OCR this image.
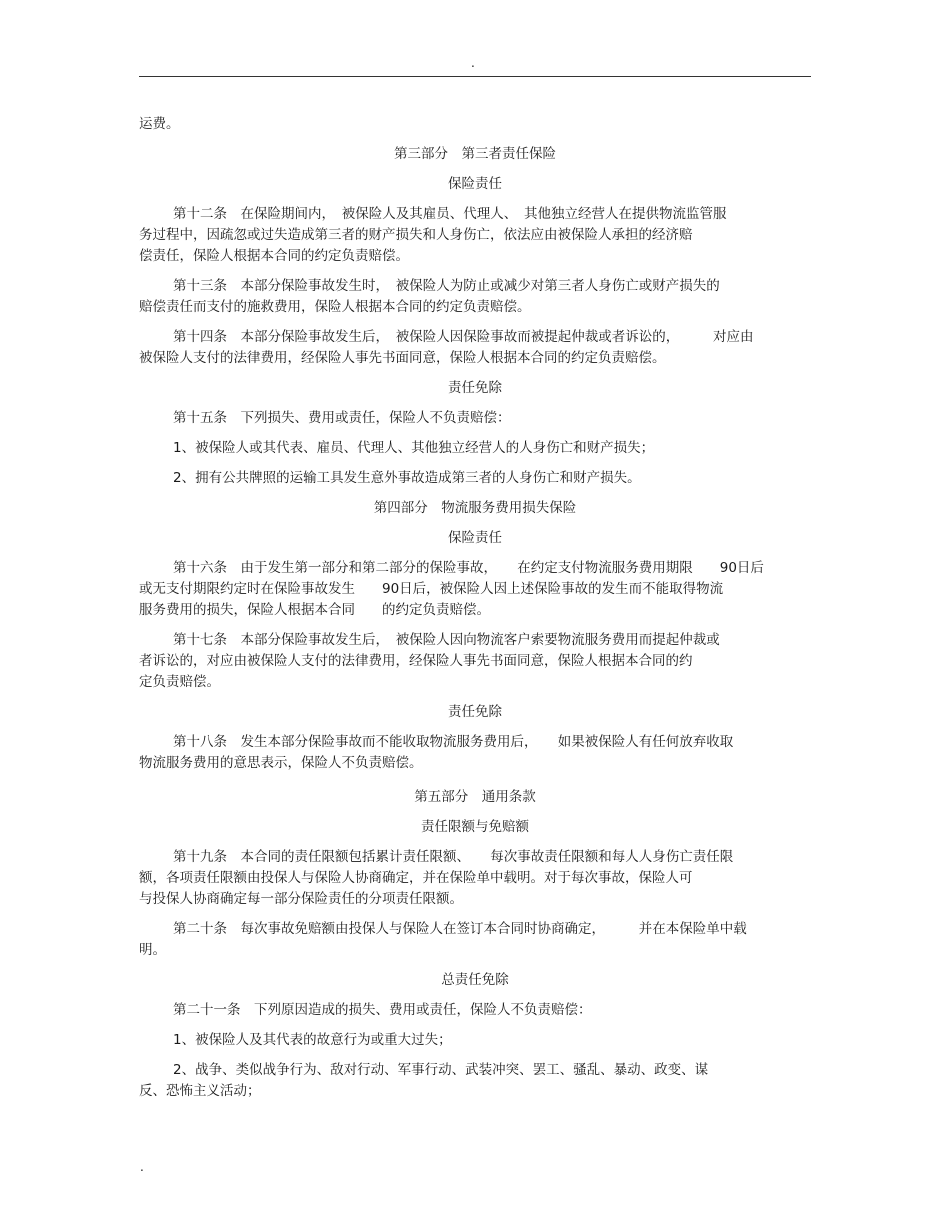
.
运费。
第三部分　第三者责任保险
保险责任
第十二条　在保险期间内，　被保险人及其雇员、代理人、　其他独立经营人在提供物流监管服
务过程中，因疏忽或过失造成第三者的财产损失和人身伤亡，依法应由被保险人承担的经济赔
偿责任，保险人根据本合同的约定负责赔偿。
第十三条　本部分保险事故发生时，　被保险人为防止或减少对第三者人身伤亡或财产损失的
赔偿责任而支付的施救费用，保险人根据本合同的约定负责赔偿。
第十四条　本部分保险事故发生后，　被保险人因保险事故而被提起仲裁或者诉讼的，　　　对应由
被保险人支付的法律费用，经保险人事先书面同意，保险人根据本合同的约定负责赔偿。
责任免除
第十五条　下列损失、费用或责任，保险人不负责赔偿：
1、被保险人或其代表、雇员、代理人、其他独立经营人的人身伤亡和财产损失；
2、拥有公共牌照的运输工具发生意外事故造成第三者的人身伤亡和财产损失。
第四部分　物流服务费用损失保险
保险责任
第十六条　由于发生第一部分和第二部分的保险事故，　　在约定支付物流服务费用期限　　90日后
或无支付期限约定时在保险事故发生　　90日后，被保险人因上述保险事故的发生而不能取得物流
服务费用的损失，保险人根据本合同　　的约定负责赔偿。
第十七条　本部分保险事故发生后，　被保险人因向物流客户索要物流服务费用而提起仲裁或
者诉讼的，对应由被保险人支付的法律费用，经保险人事先书面同意，保险人根据本合同的约
定负责赔偿。
责任免除
第十八条　发生本部分保险事故而不能收取物流服务费用后，　　如果被保险人有任何放弃收取
物流服务费用的意思表示，保险人不负责赔偿。
第五部分　通用条款
责任限额与免赔额
第十九条　本合同的责任限额包括累计责任限额、　　每次事故责任限额和每人人身伤亡责任限
额，各项责任限额由投保人与保险人协商确定，并在保险单中载明。对于每次事故，保险人可
与投保人协商确定每一部分保险责任的分项责任限额。
第二十条　每次事故免赔额由投保人与保险人在签订本合同时协商确定，　　　并在本保险单中载
明。
总责任免除
第二十一条　下列原因造成的损失、费用或责任，保险人不负责赔偿：
1、被保险人及其代表的故意行为或重大过失；
2、战争、类似战争行为、敌对行动、军事行动、武装冲突、罢工、骚乱、暴动、政变、谋
反、恐怖主义活动；
.
